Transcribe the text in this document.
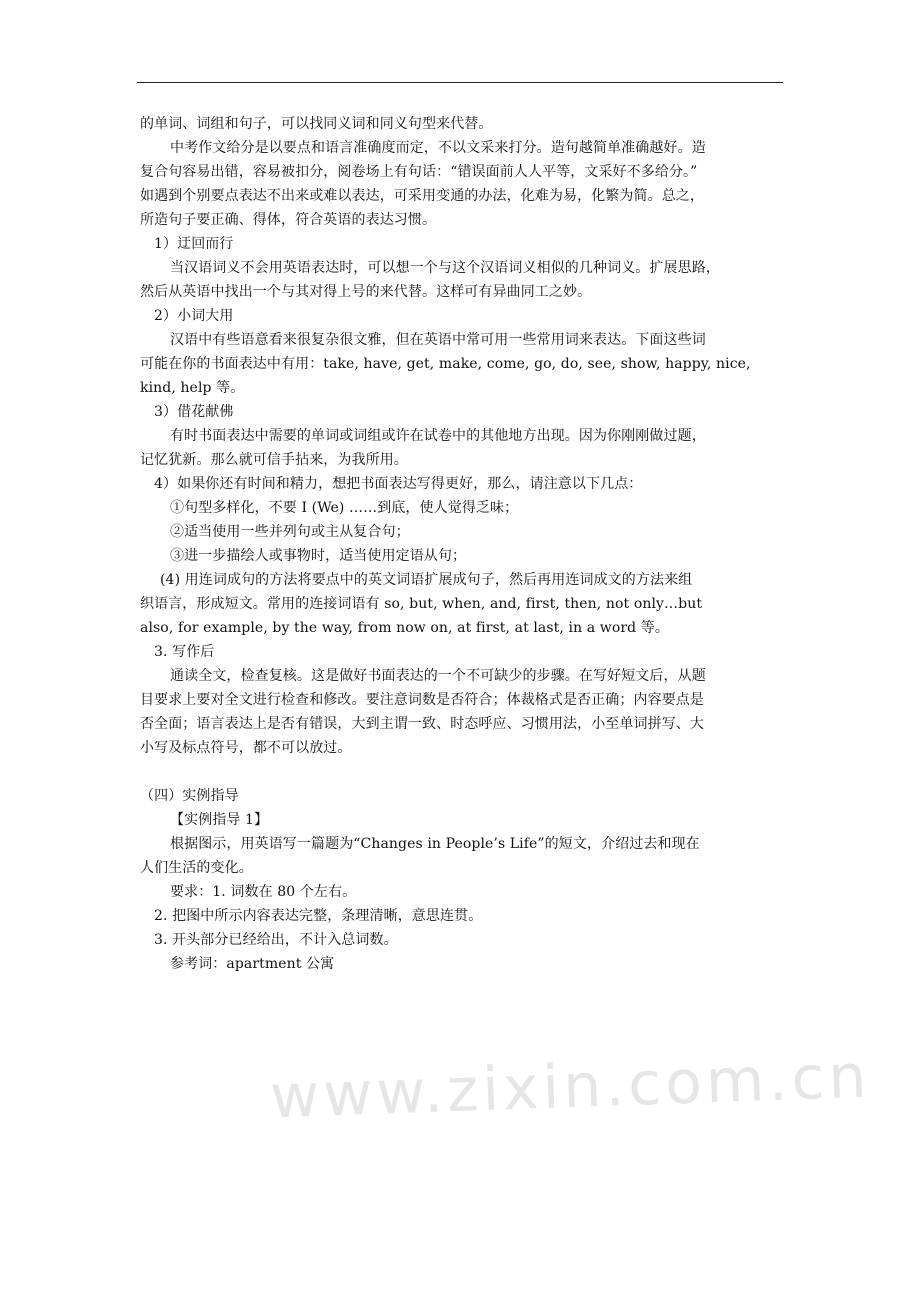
的单词、词组和句子，可以找同义词和同义句型来代替。
中考作文给分是以要点和语言准确度而定，不以文采来打分。造句越简单准确越好。造
复合句容易出错，容易被扣分，阅卷场上有句话：“错误面前人人平等，文采好不多给分。”
如遇到个别要点表达不出来或难以表达，可采用变通的办法，化难为易，化繁为简。总之，
所造句子要正确、得体，符合英语的表达习惯。
1）迂回而行
当汉语词义不会用英语表达时，可以想一个与这个汉语词义相似的几种词义。扩展思路，
然后从英语中找出一个与其对得上号的来代替。这样可有异曲同工之妙。
2）小词大用
汉语中有些语意看来很复杂很文雅，但在英语中常可用一些常用词来表达。下面这些词
可能在你的书面表达中有用：take, have, get, make, come, go, do, see, show, happy, nice,
kind, help 等。
3）借花献佛
有时书面表达中需要的单词或词组或许在试卷中的其他地方出现。因为你刚刚做过题，
记忆犹新。那么就可信手拈来，为我所用。
4）如果你还有时间和精力，想把书面表达写得更好，那么，请注意以下几点：
①句型多样化，不要 I (We) ……到底，使人觉得乏味；
②适当使用一些并列句或主从复合句；
③进一步描绘人或事物时，适当使用定语从句；
(4) 用连词成句的方法将要点中的英文词语扩展成句子，然后再用连词成文的方法来组
织语言，形成短文。常用的连接词语有 so, but, when, and, first, then, not only…but
also, for example, by the way, from now on, at first, at last, in a word 等。
3. 写作后
通读全文，检查复核。这是做好书面表达的一个不可缺少的步骤。在写好短文后，从题
目要求上要对全文进行检查和修改。要注意词数是否符合；体裁格式是否正确；内容要点是
否全面；语言表达上是否有错误，大到主谓一致、时态呼应、习惯用法，小至单词拼写、大
小写及标点符号，都不可以放过。
（四）实例指导
【实例指导 1】
根据图示，用英语写一篇题为“Changes in People’s Life”的短文，介绍过去和现在
人们生活的变化。
要求：1. 词数在 80 个左右。
2. 把图中所示内容表达完整，条理清晰，意思连贯。
3. 开头部分已经给出，不计入总词数。
参考词：apartment 公寓
www.zixin.com.cn
